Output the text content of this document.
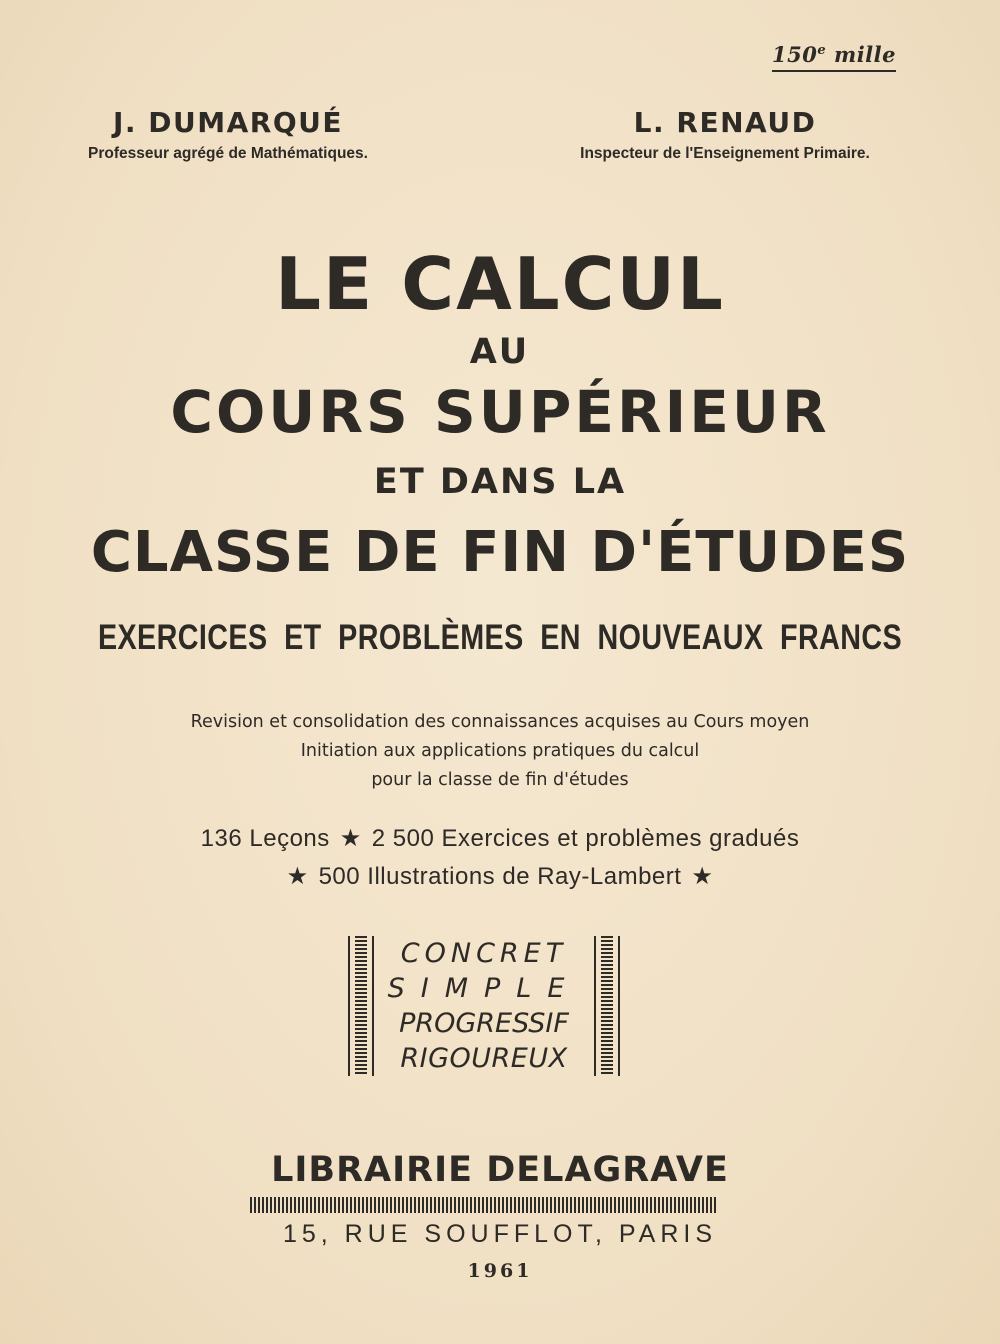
150e mille
J. DUMARQUÉ
Professeur agrégé de Mathématiques.
L. RENAUD
Inspecteur de l'Enseignement Primaire.
LE CALCUL
AU
COURS SUPÉRIEUR
ET DANS LA
CLASSE DE FIN D'ÉTUDES
EXERCICES ET PROBLÈMES EN NOUVEAUX FRANCS
Revision et consolidation des connaissances acquises au Cours moyen
Initiation aux applications pratiques du calcul
pour la classe de fin d'études
136 Leçons ★ 2 500 Exercices et problèmes gradués
★ 500 Illustrations de Ray-Lambert ★
CONCRET
SIMPLE
PROGRESSIF
RIGOUREUX
LIBRAIRIE DELAGRAVE
15, RUE SOUFFLOT, PARIS
1961
